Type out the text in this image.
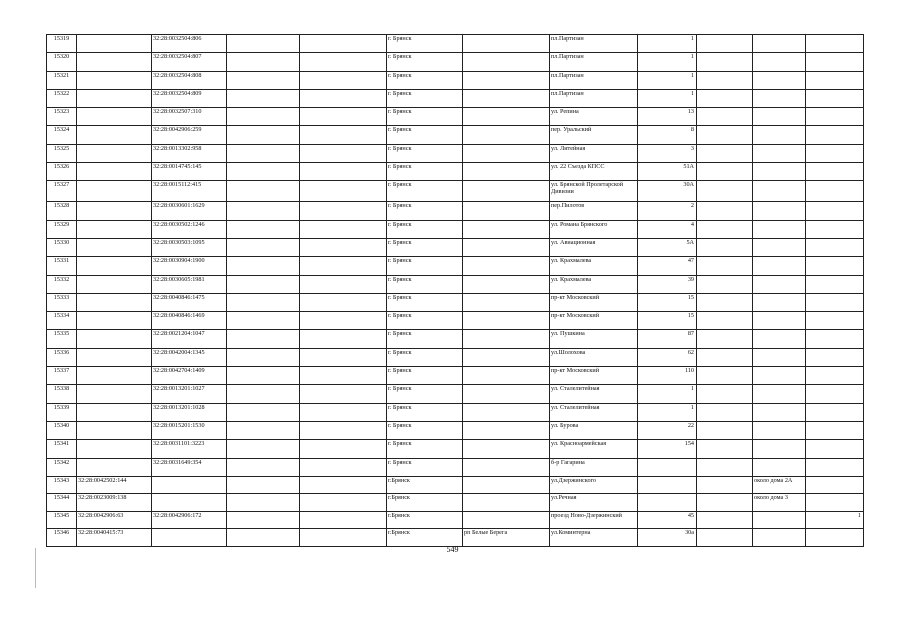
15319		32:28:0032504:806			г. Брянск		пл.Партизан	1			
15320		32:28:0032504:807			г. Брянск		пл.Партизан	1			
15321		32:28:0032504:808			г. Брянск		пл.Партизан	1			
15322		32:28:0032504:809			г. Брянск		пл.Партизан	1			
15323		32:28:0032507:310			г. Брянск		ул. Репина	13			
15324		32:28:0042906:259			г. Брянск		пер. Уральский	8			
15325		32:28:0013302:958			г. Брянск		ул. Литейная	3			
15326		32:28:0014745:145			г. Брянск		ул. 22 Съезда КПСС	51А			
15327		32:28:0015112:415			г. Брянск		ул. Брянской Пролетарской Дивизии	30А			
15328		32:28:0030601:1629			г. Брянск		пер.Пилотов	2			
15329		32:28:0030502:1246			г. Брянск		ул. Романа Брянского	4			
15330		32:28:0030503:1095			г. Брянск		ул. Авиационная	5А			
15331		32:28:0030904:1900			г. Брянск		ул. Крахмалева	47			
15332		32:28:0030605:1981			г. Брянск		ул. Крахмалева	39			
15333		32:28:0040846:1475			г. Брянск		пр-кт Московский	15			
15334		32:28:0040846:1469			г. Брянск		пр-кт Московский	15			
15335		32:28:0021204:1047			г. Брянск		ул. Пушкина	87			
15336		32:28:0042004:1345			г. Брянск		ул.Шолохова	62			
15337		32:28:0042704:1409			г. Брянск		пр-кт Московский	110			
15338		32:28:0013201:1027			г. Брянск		ул. Сталелитейная	1			
15339		32:28:0013201:1028			г. Брянск		ул. Сталелитейная	1			
15340		32:28:0015201:1530			г. Брянск		ул. Бурова	22			
15341		32:28:0031101:3223			г. Брянск		ул. Красноармейская	154			
15342		32:28:0031649:354			г. Брянск		б-р Гагарина				
15343	32:28:0042502:144				г.Брянск		ул.Дзержинского			около дома 2А	
15344	32:28:0023009:138				г.Брянск		ул.Речная			около дома 3	
15345	32:28:0042906:63	32:28:0042906:172			г.Брянск		проезд Ново-Дзержинский	45			1
15346	32:28:0040415:73				г.Брянск	рп Белые Берега	ул.Коминтерна	30а			
549
